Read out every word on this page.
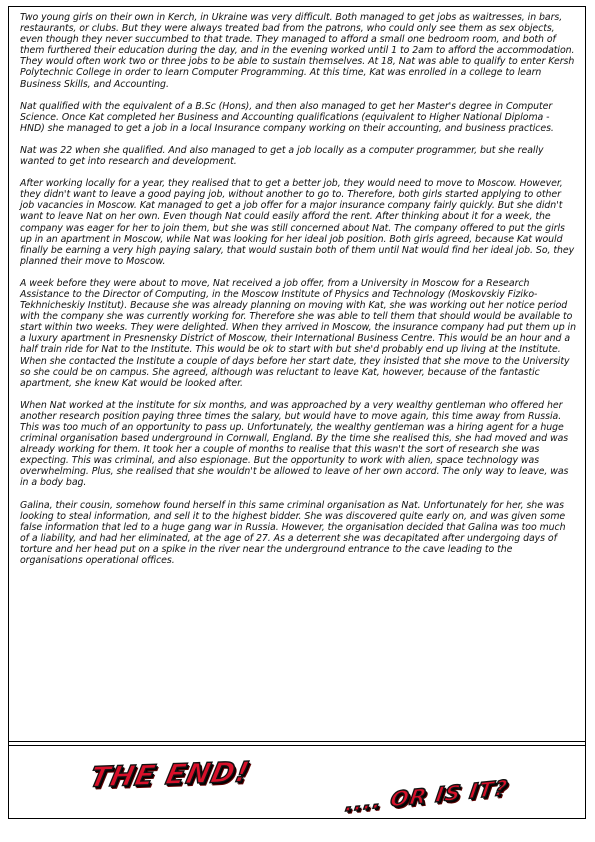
Two young girls on their own in Kerch, in Ukraine was very difficult. Both managed to get jobs as waitresses, in bars, restaurants, or clubs. But they were always treated bad from the patrons, who could only see them as sex objects, even though they never succumbed to that trade. They managed to afford a small one bedroom room, and both of them furthered their education during the day, and in the evening worked until 1 to 2am to afford the accommodation. They would often work two or three jobs to be able to sustain themselves. At 18, Nat was able to qualify to enter Kersh Polytechnic College in order to learn Computer Programming. At this time, Kat was enrolled in a college to learn Business Skills, and Accounting.

Nat qualified with the equivalent of a B.Sc (Hons), and then also managed to get her Master's degree in Computer Science. Once Kat completed her Business and Accounting qualifications (equivalent to Higher National Diploma - HND) she managed to get a job in a local Insurance company working on their accounting, and business practices.

Nat was 22 when she qualified. And also managed to get a job locally as a computer programmer, but she really wanted to get into research and development.

After working locally for a year, they realised that to get a better job, they would need to move to Moscow. However, they didn't want to leave a good paying job, without another to go to. Therefore, both girls started applying to other job vacancies in Moscow. Kat managed to get a job offer for a major insurance company fairly quickly. But she didn't want to leave Nat on her own. Even though Nat could easily afford the rent. After thinking about it for a week, the company was eager for her to join them, but she was still concerned about Nat. The company offered to put the girls up in an apartment in Moscow, while Nat was looking for her ideal job position. Both girls agreed, because Kat would finally be earning a very high paying salary, that would sustain both of them until Nat would find her ideal job. So, they planned their move to Moscow.

A week before they were about to move, Nat received a job offer, from a University in Moscow for a Research Assistance to the Director of Computing, in the Moscow Institute of Physics and Technology (Moskovskiy Fiziko-Tekhnicheskiy Institut). Because she was already planning on moving with Kat, she was working out her notice period with the company she was currently working for. Therefore she was able to tell them that should would be available to start within two weeks. They were delighted. When they arrived in Moscow, the insurance company had put them up in a luxury apartment in Presnensky District of Moscow, their International Business Centre. This would be an hour and a half train ride for Nat to the Institute. This would be ok to start with but she'd probably end up living at the Institute. When she contacted the Institute a couple of days before her start date, they insisted that she move to the University so she could be on campus. She agreed, although was reluctant to leave Kat, however, because of the fantastic apartment, she knew Kat would be looked after.

When Nat worked at the institute for six months, and was approached by a very wealthy gentleman who offered her another research position paying three times the salary, but would have to move again, this time away from Russia. This was too much of an opportunity to pass up. Unfortunately, the wealthy gentleman was a hiring agent for a huge criminal organisation based underground in Cornwall, England. By the time she realised this, she had moved and was already working for them. It took her a couple of months to realise that this wasn't the sort of research she was expecting. This was criminal, and also espionage. But the opportunity to work with alien, space technology was overwhelming. Plus, she realised that she wouldn't be allowed to leave of her own accord. The only way to leave, was in a body bag.

Galina, their cousin, somehow found herself in this same criminal organisation as Nat. Unfortunately for her, she was looking to steal information, and sell it to the highest bidder. She was discovered quite early on, and was given some false information that led to a huge gang war in Russia. However, the organisation decided that Galina was too much of a liability, and had her eliminated, at the age of 27. As a deterrent she was decapitated after undergoing days of torture and her head put on a spike in the river near the underground entrance to the cave leading to the organisations operational offices.

THE END!
.... OR IS IT?
